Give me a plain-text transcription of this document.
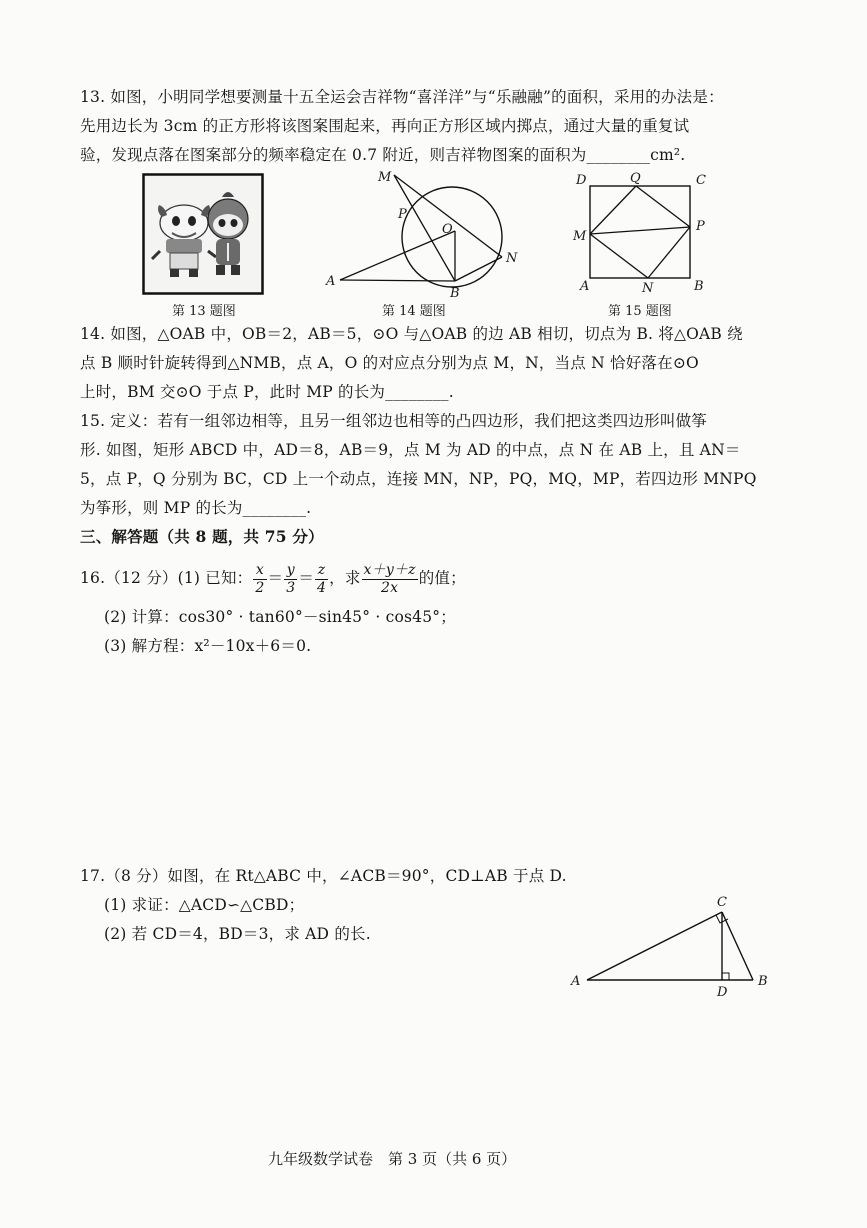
13. 如图，小明同学想要测量十五全运会吉祥物“喜洋洋”与“乐融融”的面积，采用的办法是：
先用边长为 3cm 的正方形将该图案围起来，再向正方形区域内掷点，通过大量的重复试
验，发现点落在图案部分的频率稳定在 0.7 附近，则吉祥物图案的面积为________cm².
第 13 题图
M
P
O
N
A
B
第 14 题图
D	Q	C
M
P
A	N	B
第 15 题图
14. 如图，△OAB 中，OB＝2，AB＝5，⊙O 与△OAB 的边 AB 相切，切点为 B. 将△OAB 绕
点 B 顺时针旋转得到△NMB，点 A，O 的对应点分别为点 M，N，当点 N 恰好落在⊙O
上时，BM 交⊙O 于点 P，此时 MP 的长为________.
15. 定义：若有一组邻边相等，且另一组邻边也相等的凸四边形，我们把这类四边形叫做筝
形. 如图，矩形 ABCD 中，AD＝8，AB＝9，点 M 为 AD 的中点，点 N 在 AB 上，且 AN＝
5，点 P，Q 分别为 BC，CD 上一个动点，连接 MN，NP，PQ，MQ，MP，若四边形 MNPQ
为筝形，则 MP 的长为________.
三、解答题（共 8 题，共 75 分）
16.（12 分）(1) 已知： $\frac{x}{2} = \frac{y}{3} = \frac{z}{4}$ ，求 $\frac{x+y+z}{2x}$ 的值；
(2) 计算：cos30° · tan60°－sin45° · cos45°；
(3) 解方程：x²－10x＋6＝0.
17.（8 分）如图，在 Rt△ABC 中，∠ACB＝90°，CD⊥AB 于点 D.
(1) 求证：△ACD∽△CBD；
(2) 若 CD＝4，BD＝3，求 AD 的长.
C
A
D
B
九年级数学试卷　第 3 页（共 6 页）
